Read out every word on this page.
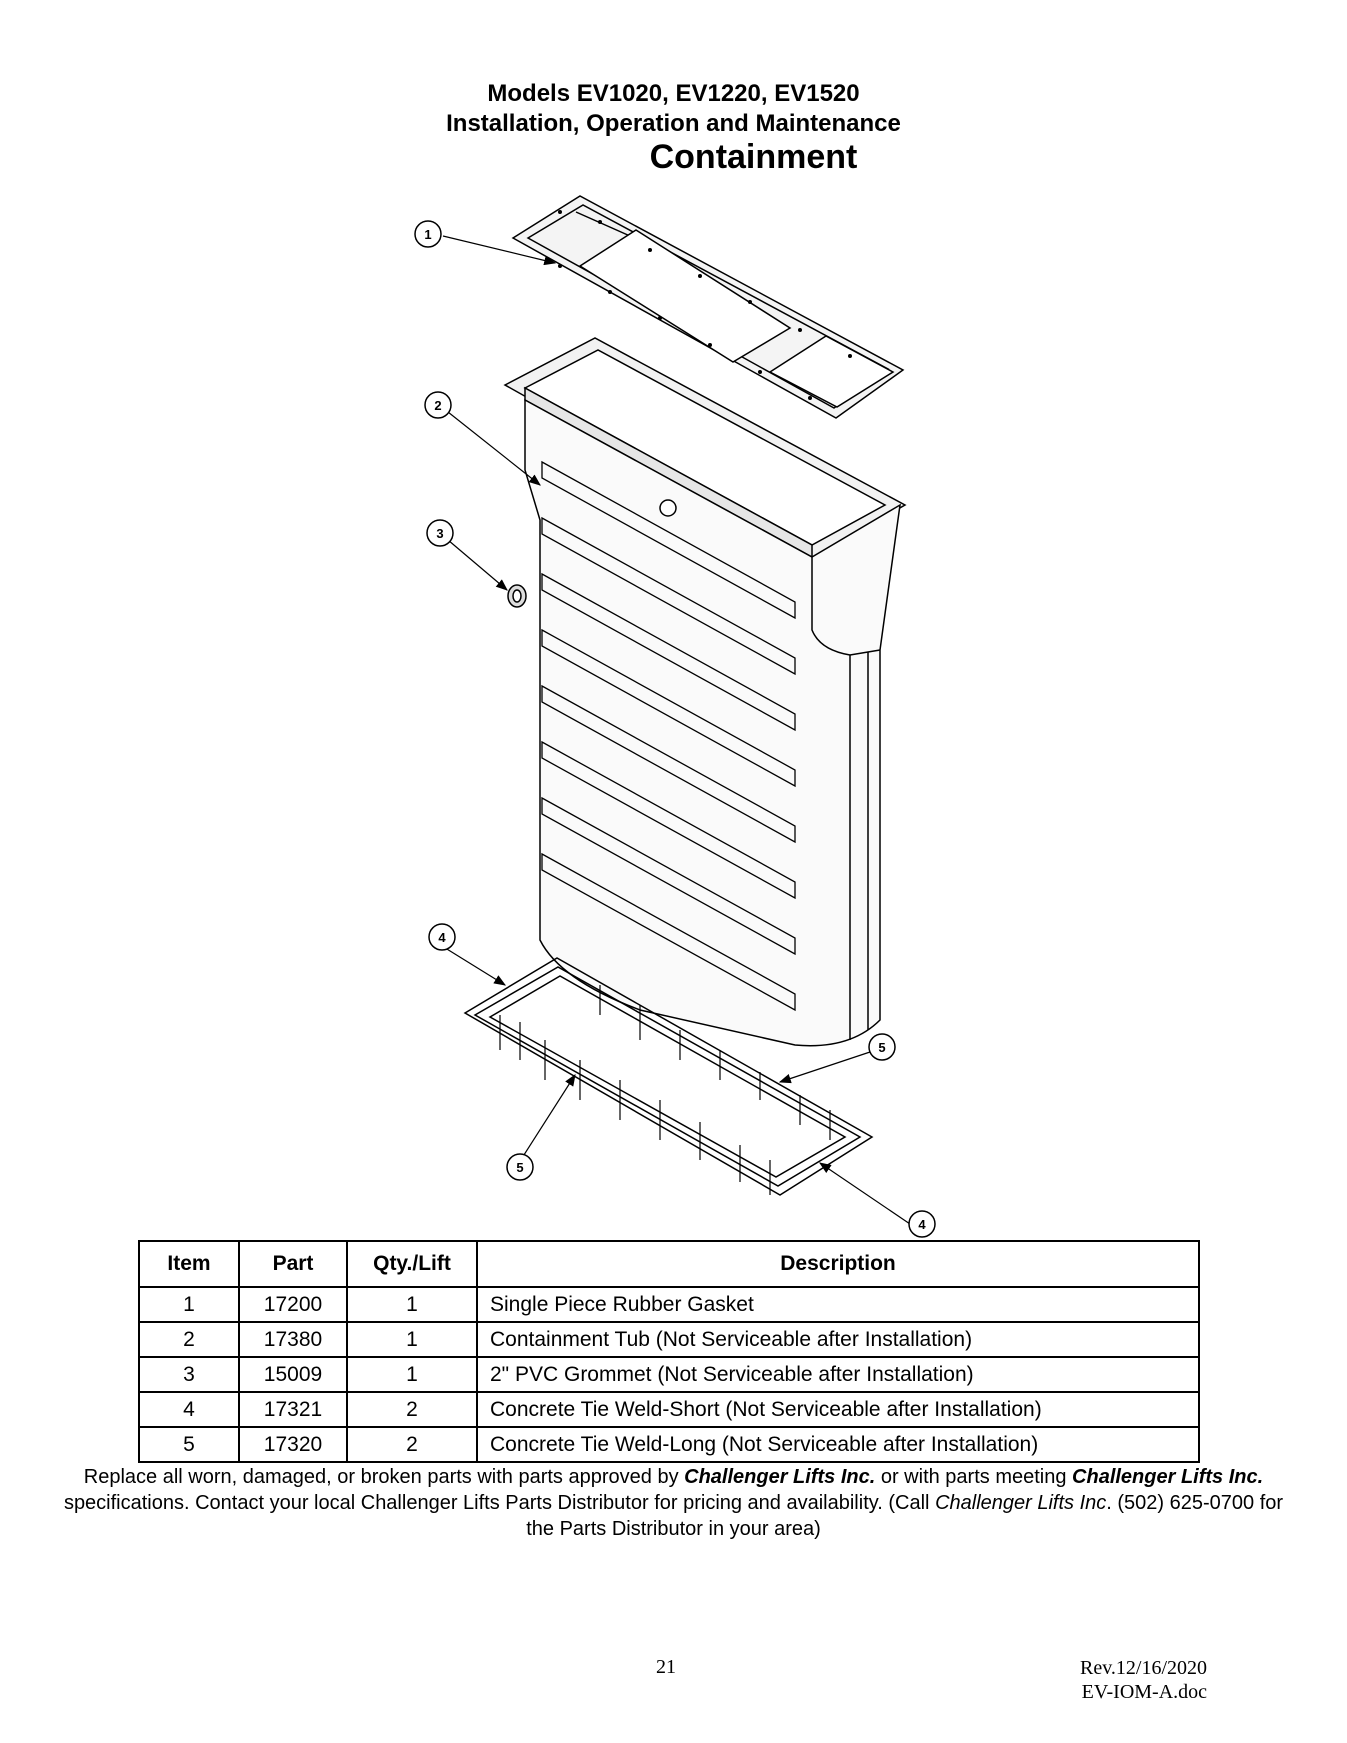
Models EV1020, EV1220, EV1520
Installation, Operation and Maintenance
Containment
1
2
3
4
5
5
4
Item	Part	Qty./Lift	Description
1	17200	1	Single Piece Rubber Gasket
2	17380	1	Containment Tub (Not Serviceable after Installation)
3	15009	1	2" PVC Grommet (Not Serviceable after Installation)
4	17321	2	Concrete Tie Weld-Short (Not Serviceable after Installation)
5	17320	2	Concrete Tie Weld-Long (Not Serviceable after Installation)
Replace all worn, damaged, or broken parts with parts approved by Challenger Lifts Inc. or with parts meeting Challenger Lifts Inc. specifications. Contact your local Challenger Lifts Parts Distributor for pricing and availability. (Call Challenger Lifts Inc. (502) 625-0700 for the Parts Distributor in your area)
21	Rev.12/16/2020
EV-IOM-A.doc
